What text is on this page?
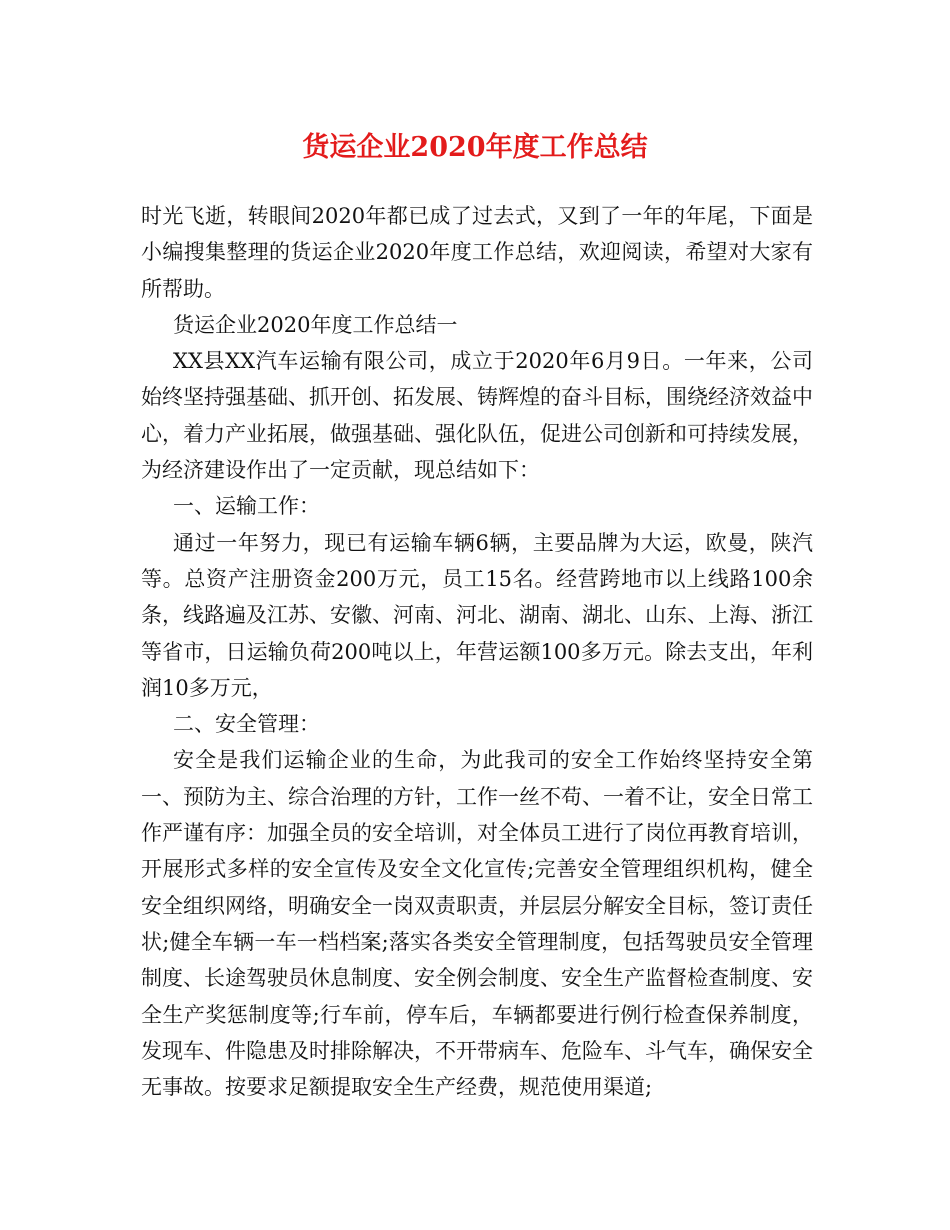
货运企业2020年度工作总结

时光飞逝，转眼间2020年都已成了过去式，又到了一年的年尾，下面是小编搜集整理的货运企业2020年度工作总结，欢迎阅读，希望对大家有所帮助。

货运企业2020年度工作总结一

XX县XX汽车运输有限公司，成立于2020年6月9日。一年来，公司始终坚持强基础、抓开创、拓发展、铸辉煌的奋斗目标，围绕经济效益中心，着力产业拓展，做强基础、强化队伍，促进公司创新和可持续发展，为经济建设作出了一定贡献，现总结如下：

一、运输工作：

通过一年努力，现已有运输车辆6辆，主要品牌为大运，欧曼，陕汽等。总资产注册资金200万元，员工15名。经营跨地市以上线路100余条，线路遍及江苏、安徽、河南、河北、湖南、湖北、山东、上海、浙江等省市，日运输负荷200吨以上，年营运额100多万元。除去支出，年利润10多万元，

二、安全管理：

安全是我们运输企业的生命，为此我司的安全工作始终坚持安全第一、预防为主、综合治理的方针，工作一丝不苟、一着不让，安全日常工作严谨有序：加强全员的安全培训，对全体员工进行了岗位再教育培训，开展形式多样的安全宣传及安全文化宣传;完善安全管理组织机构，健全安全组织网络，明确安全一岗双责职责，并层层分解安全目标，签订责任状;健全车辆一车一档档案;落实各类安全管理制度，包括驾驶员安全管理制度、长途驾驶员休息制度、安全例会制度、安全生产监督检查制度、安全生产奖惩制度等;行车前，停车后，车辆都要进行例行检查保养制度，发现车、件隐患及时排除解决，不开带病车、危险车、斗气车，确保安全无事故。按要求足额提取安全生产经费，规范使用渠道;
